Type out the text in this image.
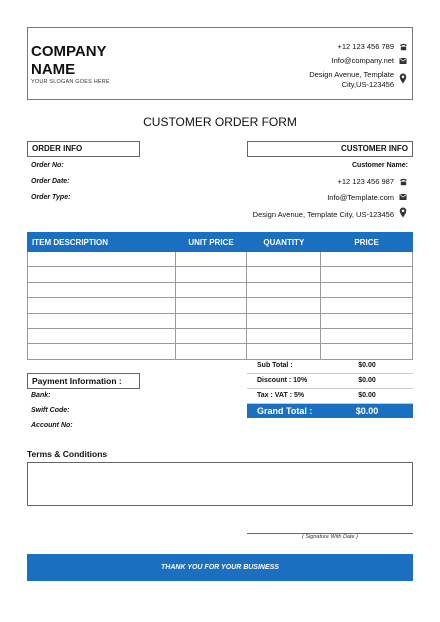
COMPANY NAME
YOUR SLOGAN GOES HERE
+12 123 456 789
Info@company.net
Design Avenue, Template
City,US-123456
CUSTOMER ORDER FORM
ORDER INFO
Order No:
Order Date:
Order Type:
CUSTOMER INFO
Customer Name:
+12 123 456 987
Info@Template.com
Design Avenue, Template City, US-123456
ITEM DESCRIPTION	UNIT PRICE	QUANTITY	PRICE

Sub Total :	$0.00
Discount : 10%	$0.00
Tax : VAT : 5%	$0.00
Grand Total :	$0.00
Payment Information :
Bank:
Swift Code:
Account No:
Terms & Conditions
( Signature With Date )
THANK YOU FOR YOUR BUSINESS
